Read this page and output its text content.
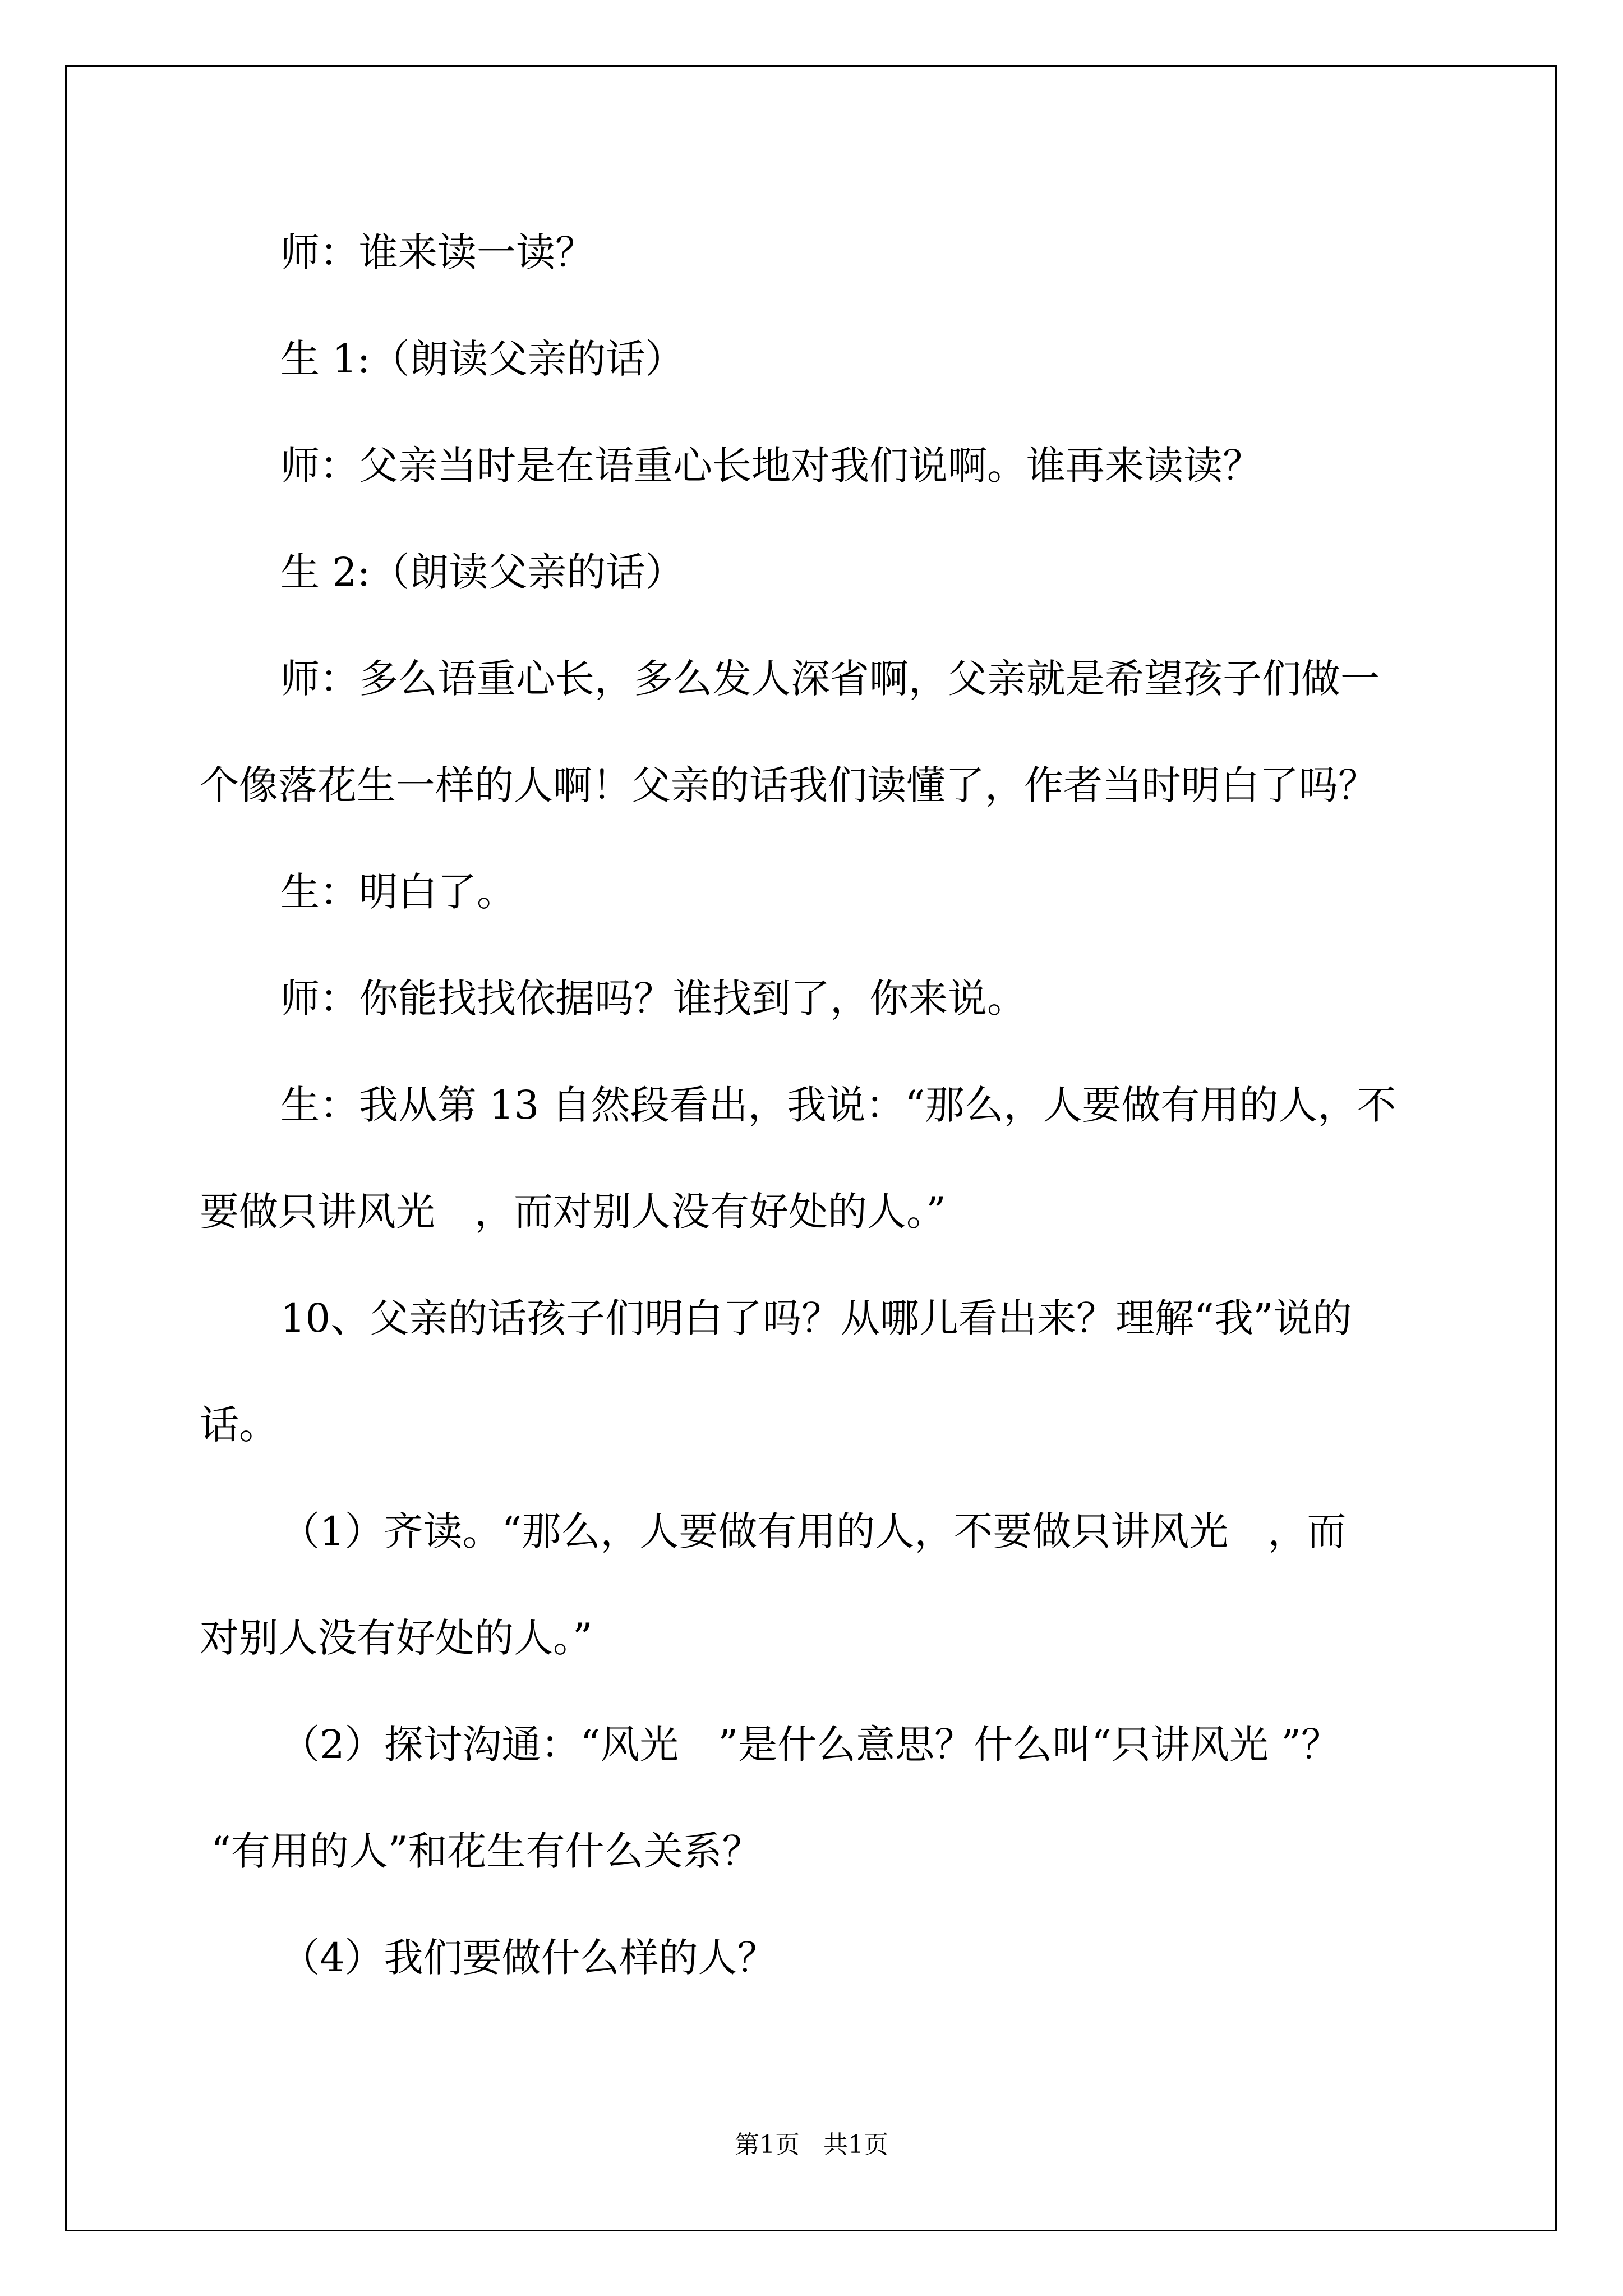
师：谁来读一读？
生 1:（朗读父亲的话）
师：父亲当时是在语重心长地对我们说啊。谁再来读读？
生 2:（朗读父亲的话）
师：多么语重心长，多么发人深省啊，父亲就是希望孩子们做一
个像落花生一样的人啊！父亲的话我们读懂了，作者当时明白了吗？
生：明白了。
师：你能找找依据吗？谁找到了，你来说。
生：我从第 13 自然段看出，我说：“那么，人要做有用的人，不
要做只讲风光　，而对别人没有好处的人。”
10、父亲的话孩子们明白了吗？从哪儿看出来？理解“我”说的
话。
（1）齐读。“那么，人要做有用的人，不要做只讲风光　，而
对别人没有好处的人。”
（2）探讨沟通：“风光　”是什么意思？什么叫“只讲风光 ”？
“有用的人”和花生有什么关系？
（4）我们要做什么样的人？
第1页   共1页
